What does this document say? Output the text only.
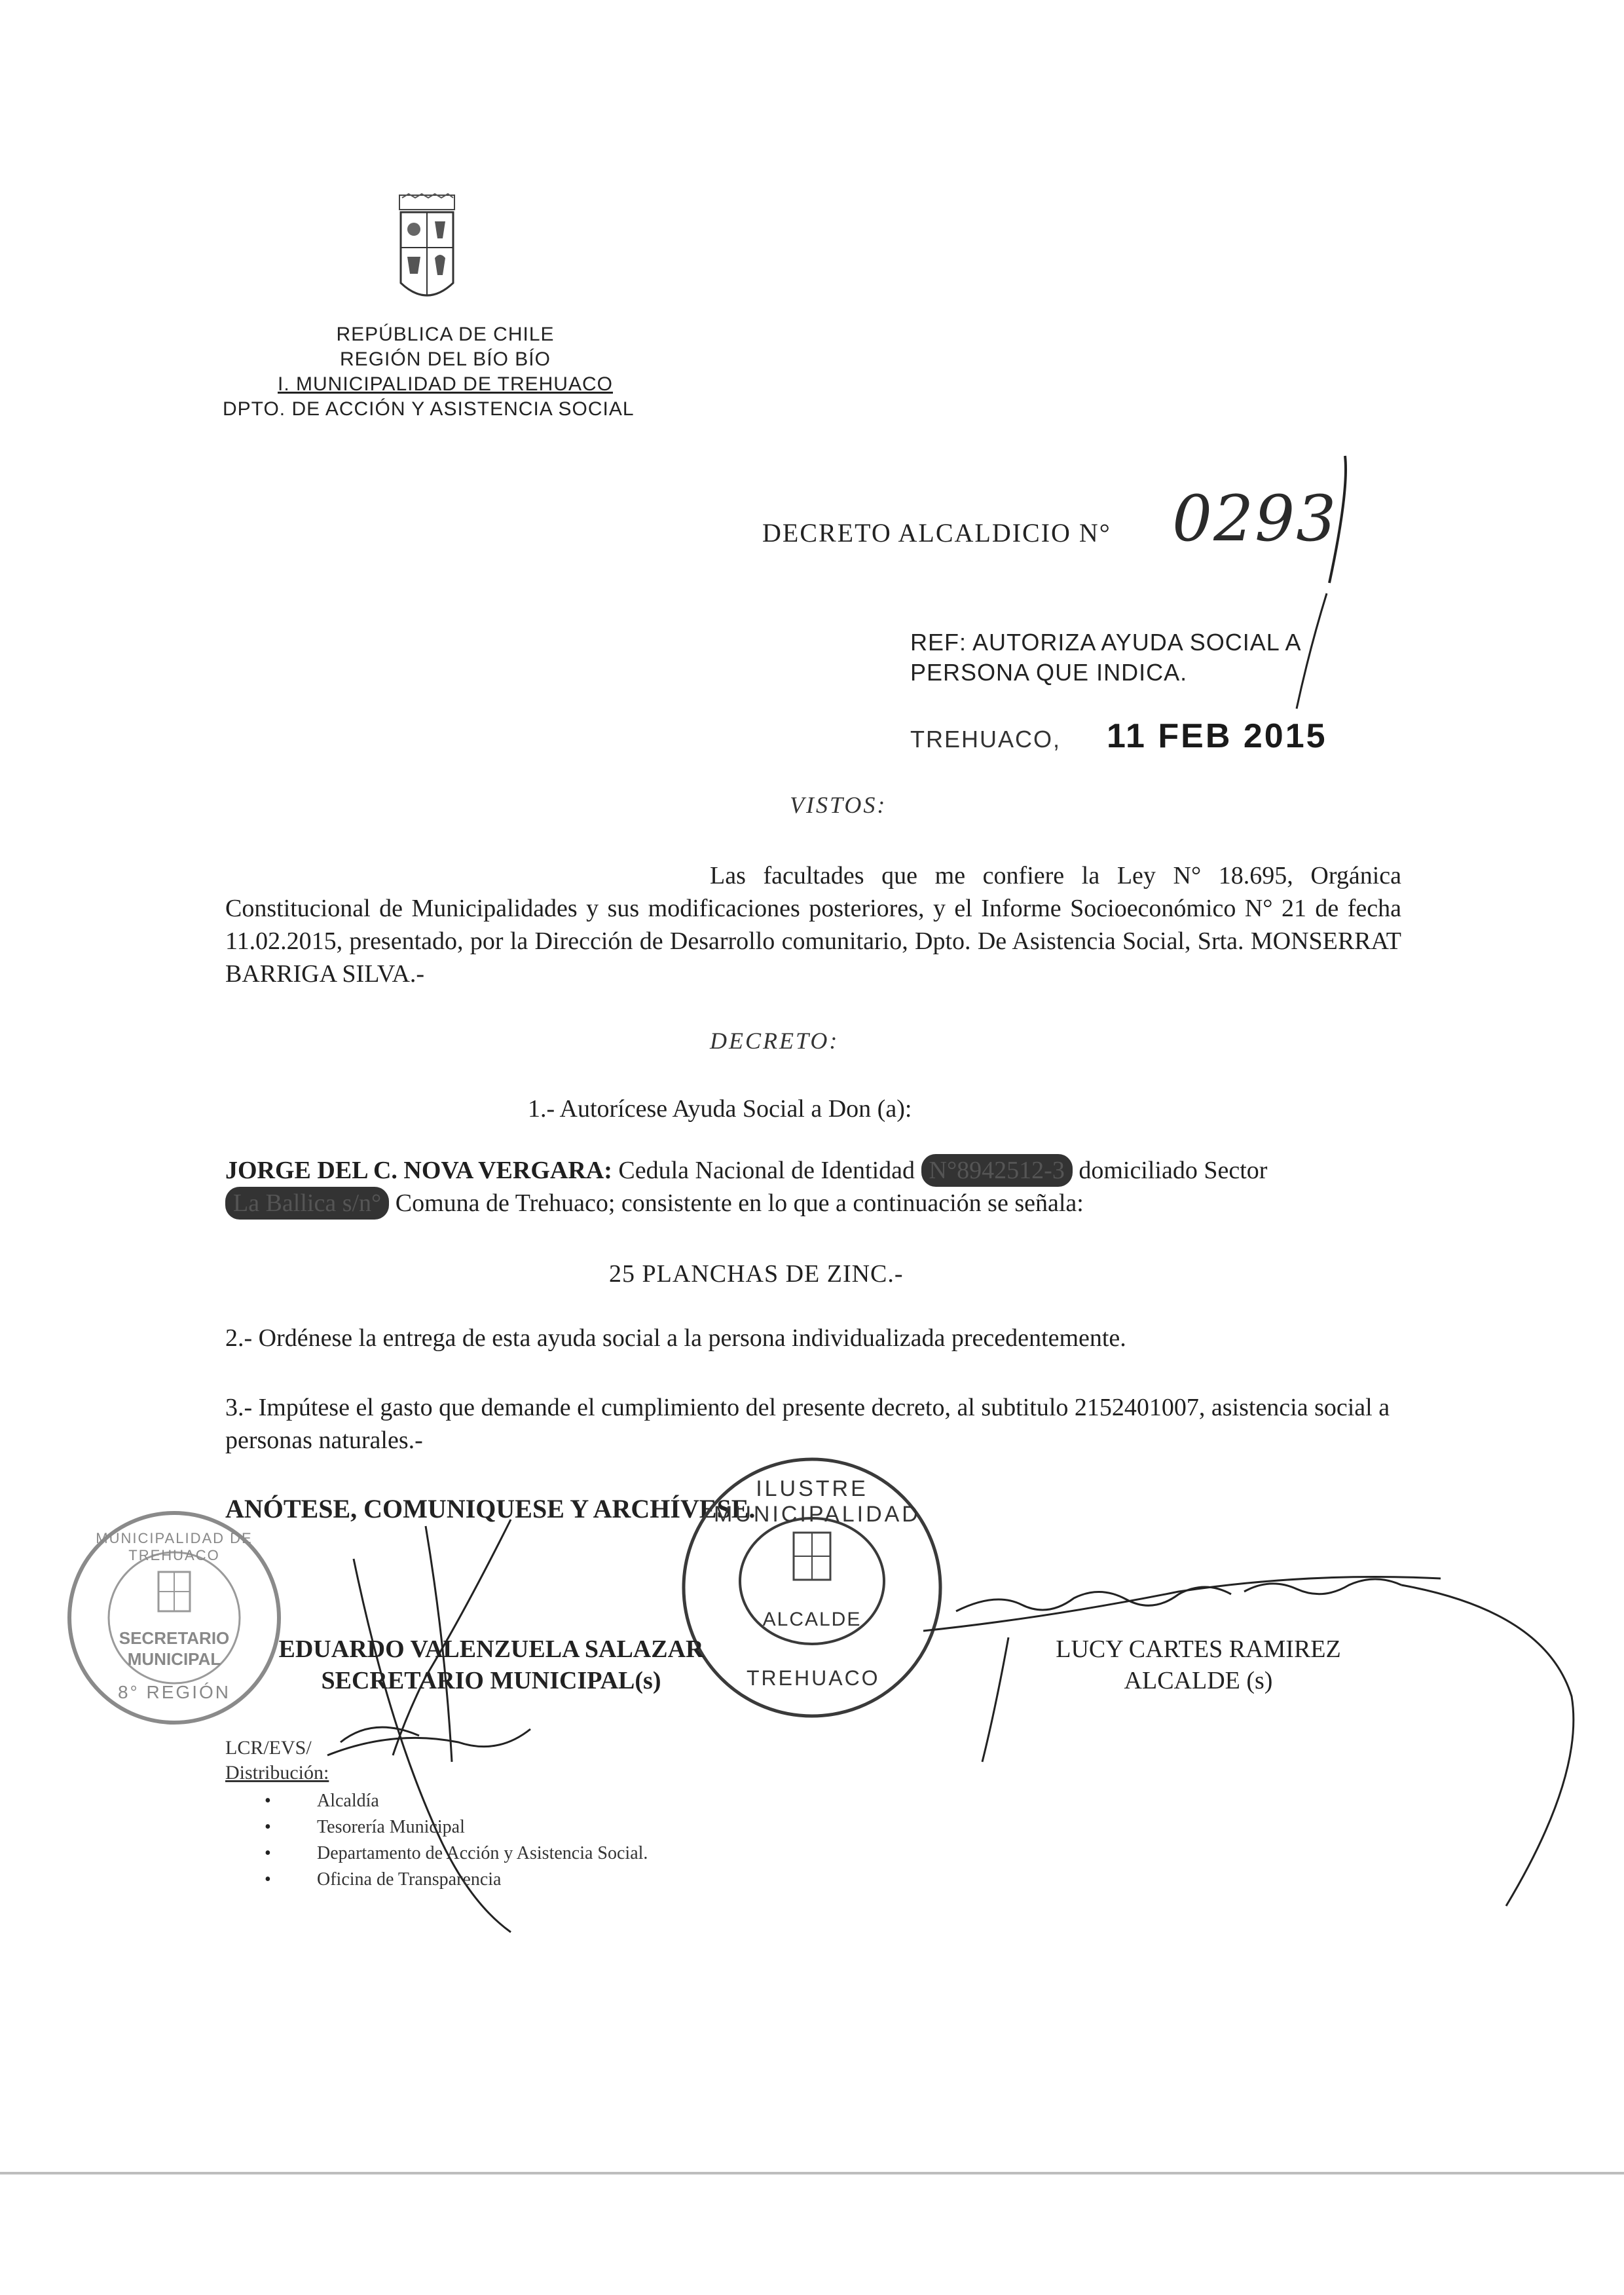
REPÚBLICA DE CHILE
REGIÓN DEL BÍO BÍO
I. MUNICIPALIDAD DE TREHUACO
DPTO. DE ACCIÓN Y ASISTENCIA SOCIAL
DECRETO ALCALDICIO N° 0293
REF: AUTORIZA AYUDA SOCIAL A
PERSONA QUE INDICA.
TREHUACO, 11 FEB 2015
VISTOS:
Las facultades que me confiere la Ley N° 18.695, Orgánica Constitucional de Municipalidades y sus modificaciones posteriores, y el Informe Socioeconómico N° 21 de fecha 11.02.2015, presentado, por la Dirección de Desarrollo comunitario, Dpto. De Asistencia Social, Srta. MONSERRAT BARRIGA SILVA.-
DECRETO:
1.- Autorícese Ayuda Social a Don (a):
JORGE DEL C. NOVA VERGARA: Cedula Nacional de Identidad N°8942512-3 domiciliado Sector
La Ballica s/n° Comuna de Trehuaco; consistente en lo que a continuación se señala:
25 PLANCHAS DE ZINC.-
2.- Ordénese la entrega de esta ayuda social a la persona individualizada precedentemente.
3.- Impútese el gasto que demande el cumplimiento del presente decreto, al subtitulo 2152401007, asistencia social a personas naturales.-
ANÓTESE, COMUNIQUESE Y ARCHÍVESE.
MUNICIPALIDAD DE TREHUACO
SECRETARIO
MUNICIPAL
8° REGIÓN
ILUSTRE MUNICIPALIDAD
ALCALDE
TREHUACO
EDUARDO VALENZUELA SALAZAR
SECRETARIO MUNICIPAL(s)
LUCY CARTES RAMIREZ
ALCALDE (s)
LCR/EVS/
Distribución:
• Alcaldía
• Tesorería Municipal
• Departamento de Acción y Asistencia Social.
• Oficina de Transparencia
